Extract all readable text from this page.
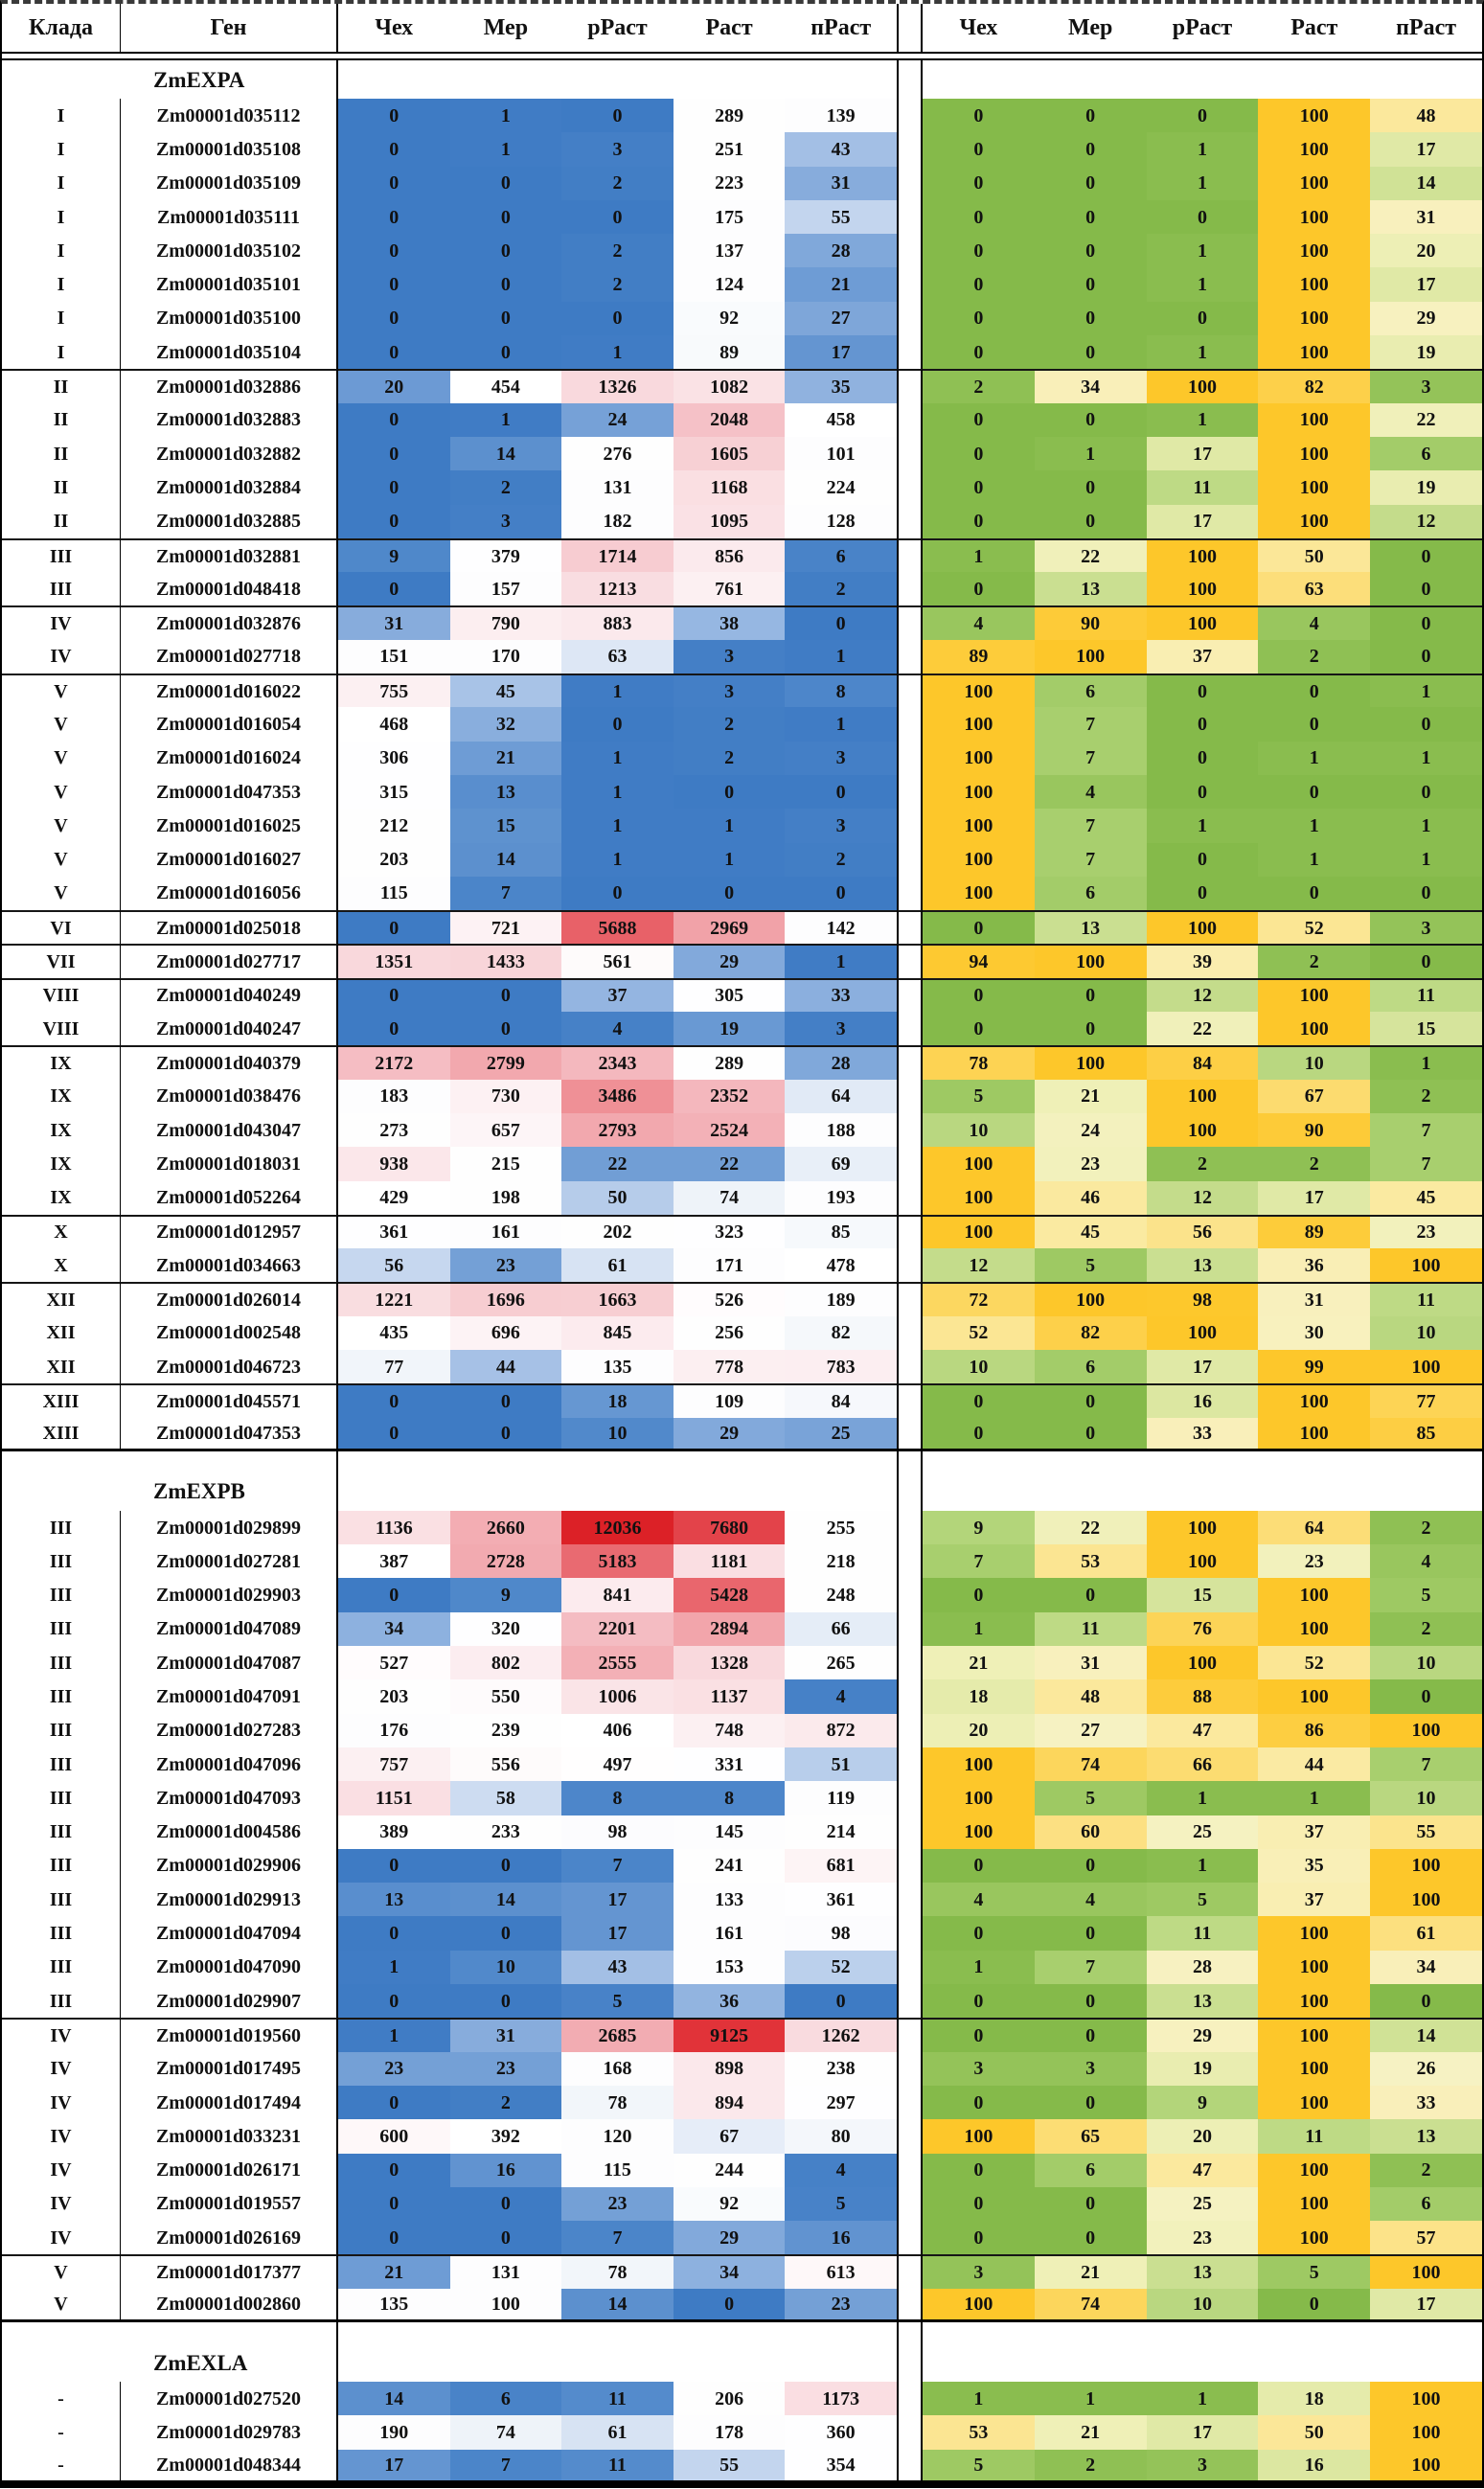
Клада	Ген	Чех	Мер	рРаст	Раст	пРаст	Чех	Мер	рРаст	Раст	пРаст
ZmEXPA
I	Zm00001d035112	0	1	0	289	139	0	0	0	100	48
I	Zm00001d035108	0	1	3	251	43	0	0	1	100	17
I	Zm00001d035109	0	0	2	223	31	0	0	1	100	14
I	Zm00001d035111	0	0	0	175	55	0	0	0	100	31
I	Zm00001d035102	0	0	2	137	28	0	0	1	100	20
I	Zm00001d035101	0	0	2	124	21	0	0	1	100	17
I	Zm00001d035100	0	0	0	92	27	0	0	0	100	29
I	Zm00001d035104	0	0	1	89	17	0	0	1	100	19
II	Zm00001d032886	20	454	1326	1082	35	2	34	100	82	3
II	Zm00001d032883	0	1	24	2048	458	0	0	1	100	22
II	Zm00001d032882	0	14	276	1605	101	0	1	17	100	6
II	Zm00001d032884	0	2	131	1168	224	0	0	11	100	19
II	Zm00001d032885	0	3	182	1095	128	0	0	17	100	12
III	Zm00001d032881	9	379	1714	856	6	1	22	100	50	0
III	Zm00001d048418	0	157	1213	761	2	0	13	100	63	0
IV	Zm00001d032876	31	790	883	38	0	4	90	100	4	0
IV	Zm00001d027718	151	170	63	3	1	89	100	37	2	0
V	Zm00001d016022	755	45	1	3	8	100	6	0	0	1
V	Zm00001d016054	468	32	0	2	1	100	7	0	0	0
V	Zm00001d016024	306	21	1	2	3	100	7	0	1	1
V	Zm00001d047353	315	13	1	0	0	100	4	0	0	0
V	Zm00001d016025	212	15	1	1	3	100	7	1	1	1
V	Zm00001d016027	203	14	1	1	2	100	7	0	1	1
V	Zm00001d016056	115	7	0	0	0	100	6	0	0	0
VI	Zm00001d025018	0	721	5688	2969	142	0	13	100	52	3
VII	Zm00001d027717	1351	1433	561	29	1	94	100	39	2	0
VIII	Zm00001d040249	0	0	37	305	33	0	0	12	100	11
VIII	Zm00001d040247	0	0	4	19	3	0	0	22	100	15
IX	Zm00001d040379	2172	2799	2343	289	28	78	100	84	10	1
IX	Zm00001d038476	183	730	3486	2352	64	5	21	100	67	2
IX	Zm00001d043047	273	657	2793	2524	188	10	24	100	90	7
IX	Zm00001d018031	938	215	22	22	69	100	23	2	2	7
IX	Zm00001d052264	429	198	50	74	193	100	46	12	17	45
X	Zm00001d012957	361	161	202	323	85	100	45	56	89	23
X	Zm00001d034663	56	23	61	171	478	12	5	13	36	100
XII	Zm00001d026014	1221	1696	1663	526	189	72	100	98	31	11
XII	Zm00001d002548	435	696	845	256	82	52	82	100	30	10
XII	Zm00001d046723	77	44	135	778	783	10	6	17	99	100
XIII	Zm00001d045571	0	0	18	109	84	0	0	16	100	77
XIII	Zm00001d047353	0	0	10	29	25	0	0	33	100	85
ZmEXPB
III	Zm00001d029899	1136	2660	12036	7680	255	9	22	100	64	2
III	Zm00001d027281	387	2728	5183	1181	218	7	53	100	23	4
III	Zm00001d029903	0	9	841	5428	248	0	0	15	100	5
III	Zm00001d047089	34	320	2201	2894	66	1	11	76	100	2
III	Zm00001d047087	527	802	2555	1328	265	21	31	100	52	10
III	Zm00001d047091	203	550	1006	1137	4	18	48	88	100	0
III	Zm00001d027283	176	239	406	748	872	20	27	47	86	100
III	Zm00001d047096	757	556	497	331	51	100	74	66	44	7
III	Zm00001d047093	1151	58	8	8	119	100	5	1	1	10
III	Zm00001d004586	389	233	98	145	214	100	60	25	37	55
III	Zm00001d029906	0	0	7	241	681	0	0	1	35	100
III	Zm00001d029913	13	14	17	133	361	4	4	5	37	100
III	Zm00001d047094	0	0	17	161	98	0	0	11	100	61
III	Zm00001d047090	1	10	43	153	52	1	7	28	100	34
III	Zm00001d029907	0	0	5	36	0	0	0	13	100	0
IV	Zm00001d019560	1	31	2685	9125	1262	0	0	29	100	14
IV	Zm00001d017495	23	23	168	898	238	3	3	19	100	26
IV	Zm00001d017494	0	2	78	894	297	0	0	9	100	33
IV	Zm00001d033231	600	392	120	67	80	100	65	20	11	13
IV	Zm00001d026171	0	16	115	244	4	0	6	47	100	2
IV	Zm00001d019557	0	0	23	92	5	0	0	25	100	6
IV	Zm00001d026169	0	0	7	29	16	0	0	23	100	57
V	Zm00001d017377	21	131	78	34	613	3	21	13	5	100
V	Zm00001d002860	135	100	14	0	23	100	74	10	0	17
ZmEXLA
-	Zm00001d027520	14	6	11	206	1173	1	1	1	18	100
-	Zm00001d029783	190	74	61	178	360	53	21	17	50	100
-	Zm00001d048344	17	7	11	55	354	5	2	3	16	100
